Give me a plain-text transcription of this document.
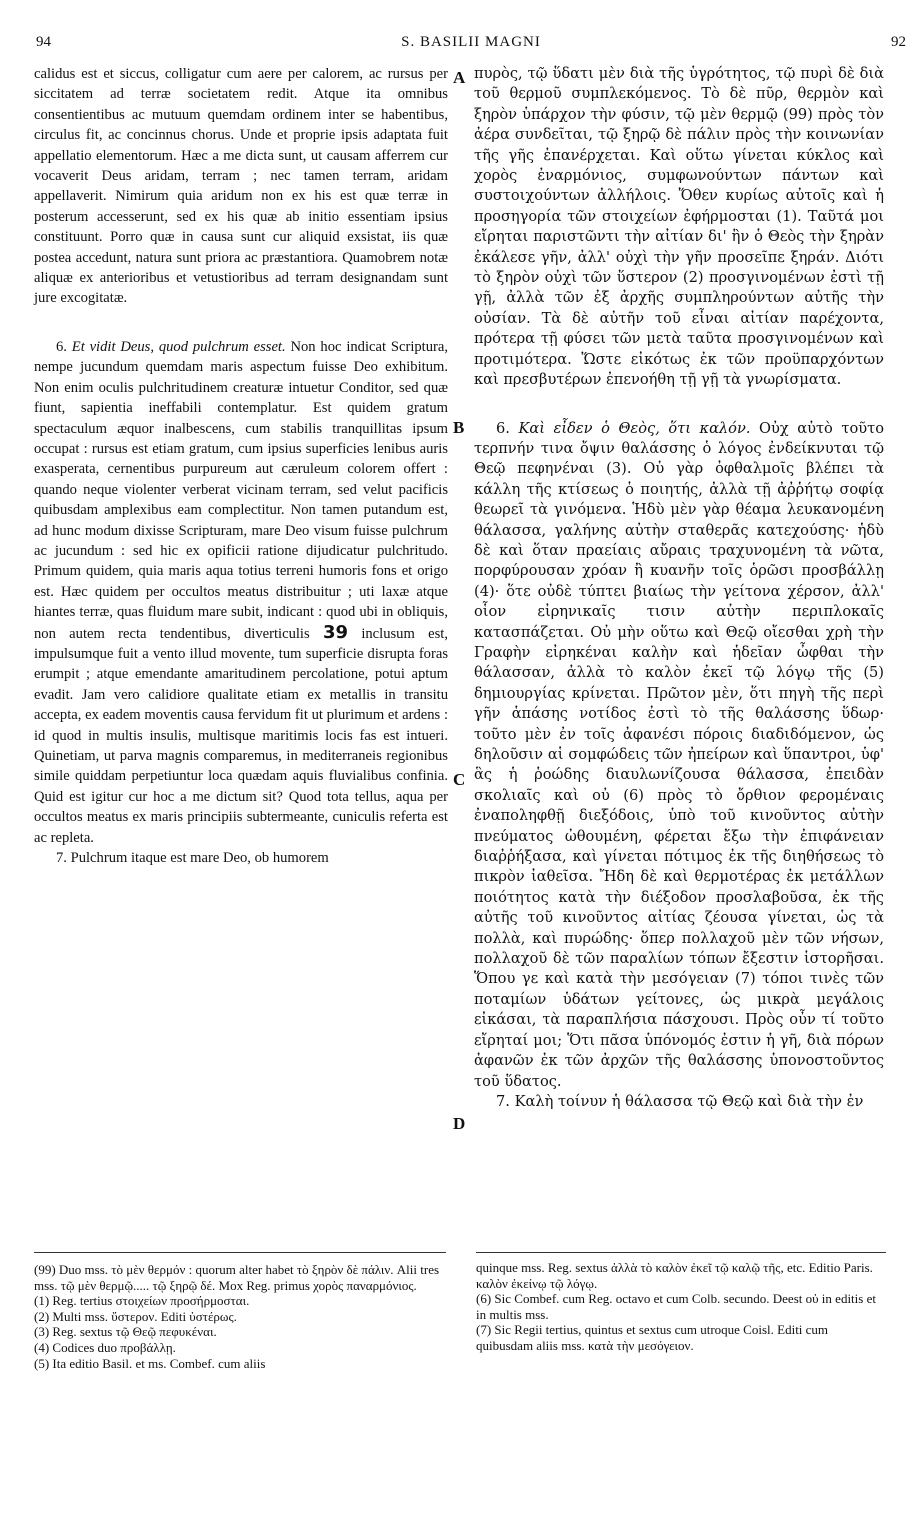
94	S. BASILII MAGNI	92
A
B
C
D

calidus est et siccus, colligatur cum aere per calorem, ac rursus per siccitatem ad terræ societatem redit. Atque ita omnibus consentientibus ac mutuum quemdam ordinem inter se habentibus, circulus fit, ac concinnus chorus. Unde et proprie ipsis adaptata fuit appellatio elementorum. Hæc a me dicta sunt, ut causam afferrem cur vocaverit Deus aridam, terram ; nec tamen terram, aridam appellaverit. Nimirum quia aridum non ex his est quæ terræ in posterum accesserunt, sed ex his quæ ab initio essentiam ipsius constituunt. Porro quæ in causa sunt cur aliquid exsistat, iis quæ postea accedunt, natura sunt priora ac præstantiora. Quamobrem notæ aliquæ ex anterioribus et vetustioribus ad terram designandam sunt jure excogitatæ.

6. Et vidit Deus, quod pulchrum esset. Non hoc indicat Scriptura, nempe jucundum quemdam maris aspectum fuisse Deo exhibitum. Non enim oculis pulchritudinem creaturæ intuetur Conditor, sed quæ fiunt, sapientia ineffabili contemplatur. Est quidem gratum spectaculum æquor inalbescens, cum stabilis tranquillitas ipsum occupat : rursus est etiam gratum, cum ipsius superficies lenibus auris exasperata, cernentibus purpureum aut cæruleum colorem offert : quando neque violenter verberat vicinam terram, sed velut pacificis quibusdam amplexibus eam complectitur. Non tamen putandum est, ad hunc modum dixisse Scripturam, mare Deo visum fuisse pulchrum ac jucundum : sed hic ex opificii ratione dijudicatur pulchritudo. Primum quidem, quia maris aqua totius terreni humoris fons et origo est. Hæc quidem per occultos meatus distribuitur ; uti laxæ atque hiantes terræ, quas fluidum mare subit, indicant : quod ubi in obliquis, non autem recta tendentibus, diverticulis 39 inclusum est, impulsumque fuit a vento illud movente, tum superficie disrupta foras erumpit ; atque emendante amaritudinem percolatione, potui aptum evadit. Jam vero calidiore qualitate etiam ex metallis in transitu accepta, ex eadem moventis causa fervidum fit ut plurimum et ardens : id quod in multis insulis, multisque maritimis locis fas est intueri. Quinetiam, ut parva magnis comparemus, in mediterraneis regionibus simile quiddam perpetiuntur loca quædam aquis fluvialibus confinia. Quid est igitur cur hoc a me dictum sit? Quod tota tellus, aqua per occultos meatus ex maris principiis subtermeante, cuniculis referta est ac repleta.

7. Pulchrum itaque est mare Deo, ob humorem

πυρὸς, τῷ ὕδατι μὲν διὰ τῆς ὑγρότητος, τῷ πυρὶ δὲ διὰ τοῦ θερμοῦ συμπλεκόμενος. Τὸ δὲ πῦρ, θερμὸν καὶ ξηρὸν ὑπάρχον τὴν φύσιν, τῷ μὲν θερμῷ (99) πρὸς τὸν ἀέρα συνδεῖται, τῷ ξηρῷ δὲ πάλιν πρὸς τὴν κοινωνίαν τῆς γῆς ἐπανέρχεται. Καὶ οὕτω γίνεται κύκλος καὶ χορὸς ἐναρμόνιος, συμφωνούντων πάντων καὶ συστοιχούντων ἀλλήλοις. Ὅθεν κυρίως αὐτοῖς καὶ ἡ προσηγορία τῶν στοιχείων ἐφήρμοσται (1). Ταῦτά μοι εἴρηται παριστῶντι τὴν αἰτίαν δι' ἣν ὁ Θεὸς τὴν ξηρὰν ἐκάλεσε γῆν, ἀλλ' οὐχὶ τὴν γῆν προσεῖπε ξηράν. Διότι τὸ ξηρὸν οὐχὶ τῶν ὕστερον (2) προσγινομένων ἐστὶ τῇ γῇ, ἀλλὰ τῶν ἐξ ἀρχῆς συμπληρούντων αὐτῆς τὴν οὐσίαν. Τὰ δὲ αὐτῆν τοῦ εἶναι αἰτίαν παρέχοντα, πρότερα τῇ φύσει τῶν μετὰ ταῦτα προσγινομένων καὶ προτιμότερα. Ὥστε εἰκότως ἐκ τῶν προϋπαρχόντων καὶ πρεσβυτέρων ἐπενοήθη τῇ γῇ τὰ γνωρίσματα.

6. Καὶ εἶδεν ὁ Θεὸς, ὅτι καλόν. Οὐχ αὐτὸ τοῦτο τερπνήν τινα ὄψιν θαλάσσης ὁ λόγος ἐνδείκνυται τῷ Θεῷ πεφηνέναι (3). Οὐ γὰρ ὀφθαλμοῖς βλέπει τὰ κάλλη τῆς κτίσεως ὁ ποιητής, ἀλλὰ τῇ ἀῤῥήτῳ σοφίᾳ θεωρεῖ τὰ γινόμενα. Ἡδὺ μὲν γὰρ θέαμα λευκανομένη θάλασσα, γαλήνης αὐτὴν σταθερᾶς κατεχούσης· ἡδὺ δὲ καὶ ὅταν πραείαις αὔραις τραχυνομένη τὰ νῶτα, πορφύρουσαν χρόαν ἢ κυανῆν τοῖς ὁρῶσι προσβάλλῃ (4)· ὅτε οὐδὲ τύπτει βιαίως τὴν γείτονα χέρσον, ἀλλ' οἷον εἰρηνικαῖς τισιν αὐτὴν περιπλοκαῖς κατασπάζεται. Οὐ μὴν οὕτω καὶ Θεῷ οἴεσθαι χρὴ τὴν Γραφὴν εἰρηκέναι καλὴν καὶ ἡδεῖαν ὦφθαι τὴν θάλασσαν, ἀλλὰ τὸ καλὸν ἐκεῖ τῷ λόγῳ τῆς (5) δημιουργίας κρίνεται. Πρῶτον μὲν, ὅτι πηγὴ τῆς περὶ γῆν ἁπάσης νοτίδος ἐστὶ τὸ τῆς θαλάσσης ὕδωρ· τοῦτο μὲν ἐν τοῖς ἀφανέσι πόροις διαδιδόμενον, ὡς δηλοῦσιν αἱ σομφώδεις τῶν ἠπείρων καὶ ὕπαντροι, ὑφ' ἃς ἡ ῥοώδης διαυλωνίζουσα θάλασσα, ἐπειδὰν σκολιαῖς καὶ οὐ (6) πρὸς τὸ ὄρθιον φερομέναις ἐναποληφθῇ διεξόδοις, ὑπὸ τοῦ κινοῦντος αὐτὴν πνεύματος ὠθουμένη, φέρεται ἔξω τὴν ἐπιφάνειαν διαῤῥήξασα, καὶ γίνεται πότιμος ἐκ τῆς διηθήσεως τὸ πικρὸν ἰαθεῖσα. Ἤδη δὲ καὶ θερμοτέρας ἐκ μετάλλων ποιότητος κατὰ τὴν διέξοδον προσλαβοῦσα, ἐκ τῆς αὐτῆς τοῦ κινοῦντος αἰτίας ζέουσα γίνεται, ὡς τὰ πολλὰ, καὶ πυρώδης· ὅπερ πολλαχοῦ μὲν τῶν νήσων, πολλαχοῦ δὲ τῶν παραλίων τόπων ἔξεστιν ἱστορῆσαι. Ὅπου γε καὶ κατὰ τὴν μεσόγειαν (7) τόποι τινὲς τῶν ποταμίων ὑδάτων γείτονες, ὡς μικρὰ μεγάλοις εἰκάσαι, τὰ παραπλήσια πάσχουσι. Πρὸς οὖν τί τοῦτο εἴρηταί μοι; Ὅτι πᾶσα ὑπόνομός ἐστιν ἡ γῆ, διὰ πόρων ἀφανῶν ἐκ τῶν ἀρχῶν τῆς θαλάσσης ὑπονοστοῦντος τοῦ ὕδατος.

7. Καλὴ τοίνυν ἡ θάλασσα τῷ Θεῷ καὶ διὰ τὴν ἐν

(99) Duo mss. τὸ μὲν θερμόν : quorum alter habet τὸ ξηρὸν δὲ πάλιν. Alii tres mss. τῷ μὲν θερμῷ..... τῷ ξηρῷ δέ. Mox Reg. primus χορὸς παναρμόνιος.
(1) Reg. tertius στοιχείων προσήρμοσται.
(2) Multi mss. ὕστερον. Editi ὑστέρως.
(3) Reg. sextus τῷ Θεῷ πεφυκέναι.
(4) Codices duo προβάλλῃ.
(5) Ita editio Basil. et ms. Combef. cum aliis
quinque mss. Reg. sextus ἀλλὰ τὸ καλὸν ἐκεῖ τῷ καλῷ τῆς, etc. Editio Paris. καλὸν ἐκείνῳ τῷ λόγῳ.
(6) Sic Combef. cum Reg. octavo et cum Colb. secundo. Deest οὐ in editis et in multis mss.
(7) Sic Regii tertius, quintus et sextus cum utroque Coisl. Editi cum quibusdam aliis mss. κατὰ τὴν μεσόγειον.
